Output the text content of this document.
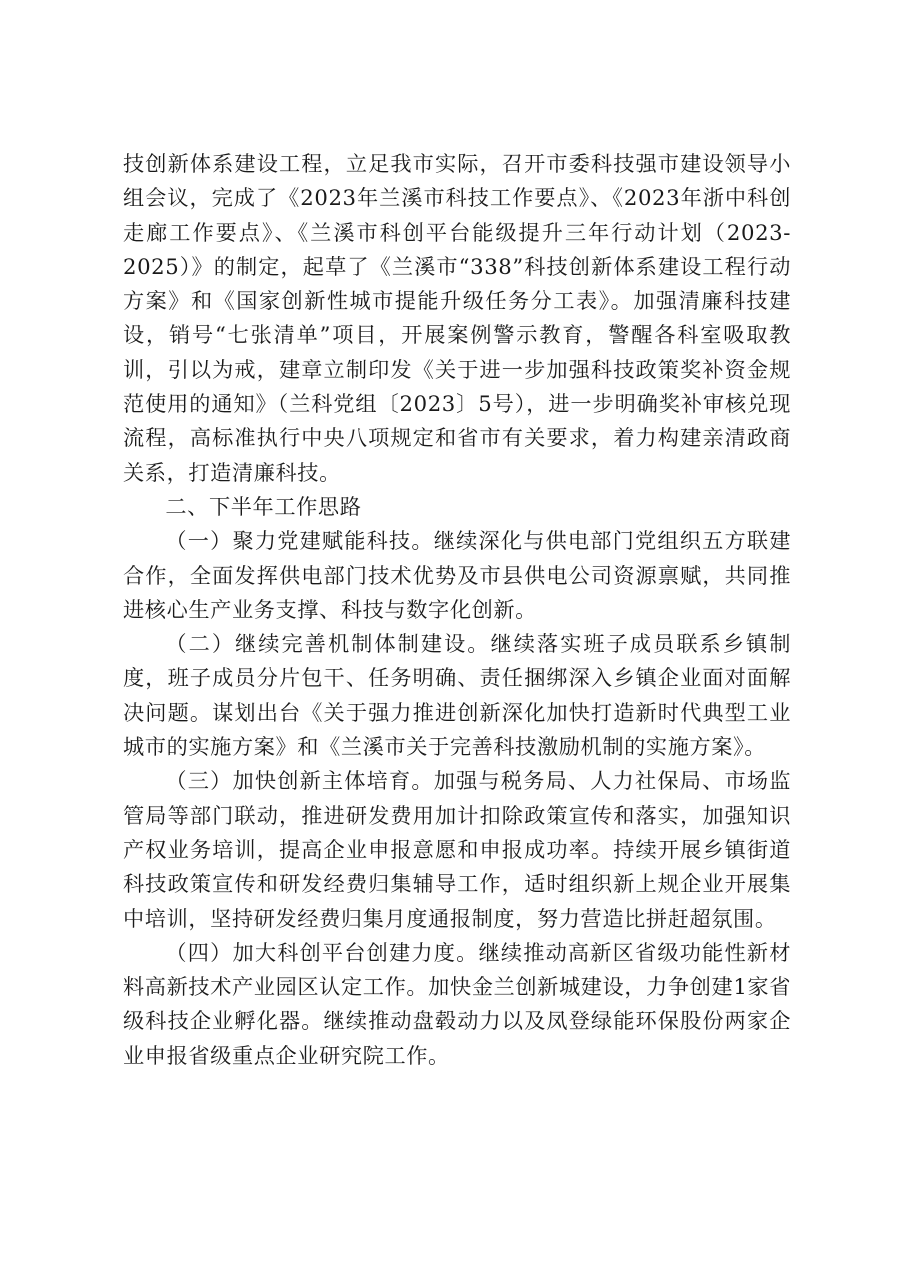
技创新体系建设工程，立足我市实际，召开市委科技强市建设领导小组会议，完成了《2023年兰溪市科技工作要点》、《2023年浙中科创走廊工作要点》、《兰溪市科创平台能级提升三年行动计划（2023-2025）》的制定，起草了《兰溪市“338”科技创新体系建设工程行动方案》和《国家创新性城市提能升级任务分工表》。加强清廉科技建设，销号“七张清单”项目，开展案例警示教育，警醒各科室吸取教训，引以为戒，建章立制印发《关于进一步加强科技政策奖补资金规范使用的通知》（兰科党组〔2023〕5号），进一步明确奖补审核兑现流程，高标准执行中央八项规定和省市有关要求，着力构建亲清政商关系，打造清廉科技。

二、下半年工作思路

（一）聚力党建赋能科技。继续深化与供电部门党组织五方联建合作，全面发挥供电部门技术优势及市县供电公司资源禀赋，共同推进核心生产业务支撑、科技与数字化创新。

（二）继续完善机制体制建设。继续落实班子成员联系乡镇制度，班子成员分片包干、任务明确、责任捆绑深入乡镇企业面对面解决问题。谋划出台《关于强力推进创新深化加快打造新时代典型工业城市的实施方案》和《兰溪市关于完善科技激励机制的实施方案》。

（三）加快创新主体培育。加强与税务局、人力社保局、市场监管局等部门联动，推进研发费用加计扣除政策宣传和落实，加强知识产权业务培训，提高企业申报意愿和申报成功率。持续开展乡镇街道科技政策宣传和研发经费归集辅导工作，适时组织新上规企业开展集中培训，坚持研发经费归集月度通报制度，努力营造比拼赶超氛围。

（四）加大科创平台创建力度。继续推动高新区省级功能性新材料高新技术产业园区认定工作。加快金兰创新城建设，力争创建1家省级科技企业孵化器。继续推动盘毂动力以及凤登绿能环保股份两家企业申报省级重点企业研究院工作。
